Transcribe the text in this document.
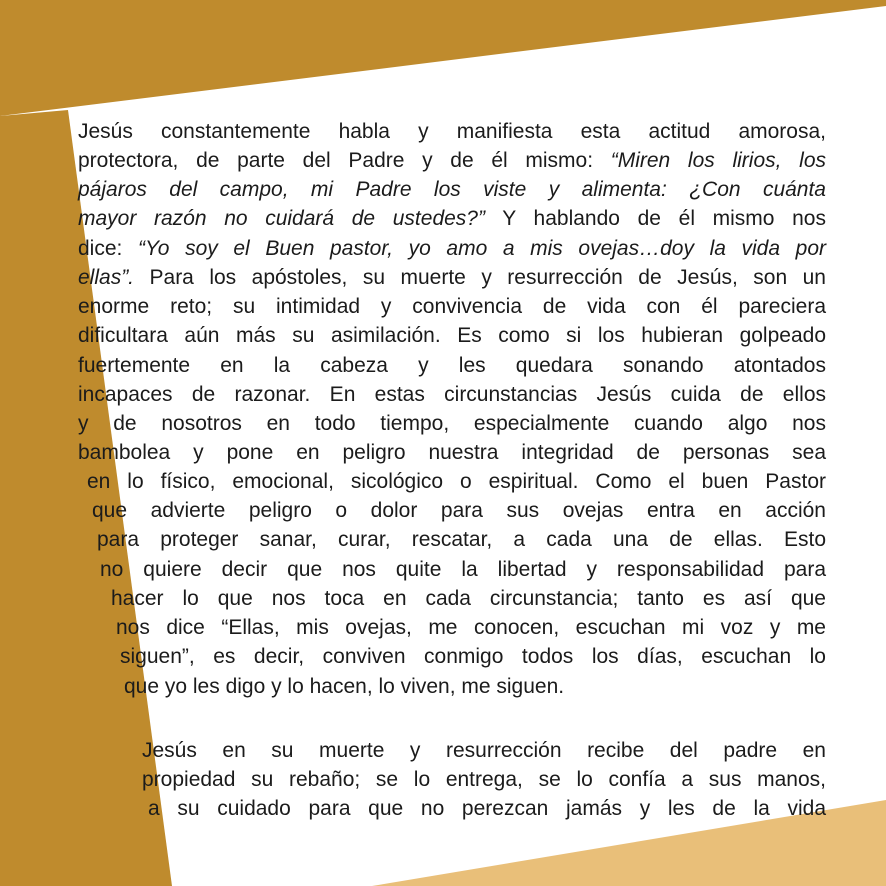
Jesús constantemente habla y manifiesta esta actitud amorosa,
protectora, de parte del Padre y de él mismo: “Miren los lirios, los
pájaros del campo, mi Padre los viste y alimenta: ¿Con cuánta
mayor razón no cuidará de ustedes?” Y hablando de él mismo nos
dice: “Yo soy el Buen pastor, yo amo a mis ovejas…doy la vida por
ellas”. Para los apóstoles, su muerte y resurrección de Jesús, son un
enorme reto; su intimidad y convivencia de vida con él pareciera
dificultara aún más su asimilación. Es como si los hubieran golpeado
fuertemente en la cabeza y les quedara sonando atontados
incapaces de razonar. En estas circunstancias Jesús cuida de ellos
y de nosotros en todo tiempo, especialmente cuando algo nos
bambolea y pone en peligro nuestra integridad de personas sea
en lo físico, emocional, sicológico o espiritual. Como el buen Pastor
que advierte peligro o dolor para sus ovejas entra en acción
para proteger sanar, curar, rescatar, a cada una de ellas. Esto
no quiere decir que nos quite la libertad y responsabilidad para
hacer lo que nos toca en cada circunstancia; tanto es así que
nos dice “Ellas, mis ovejas, me conocen, escuchan mi voz y me
siguen”, es decir, conviven conmigo todos los días, escuchan lo
que yo les digo y lo hacen, lo viven, me siguen.
Jesús en su muerte y resurrección recibe del padre en
propiedad su rebaño; se lo entrega, se lo confía a sus manos,
a su cuidado para que no perezcan jamás y les de la vida
